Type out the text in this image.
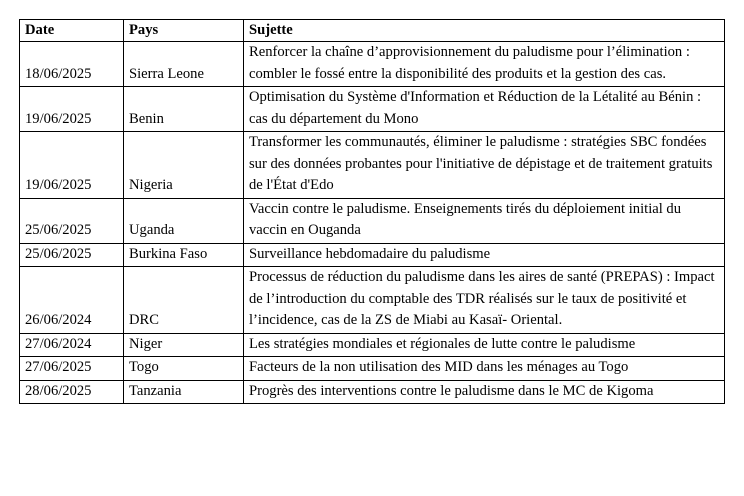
Date	Pays	Sujette
18/06/2025	Sierra Leone	Renforcer la chaîne d’approvisionnement du paludisme pour l’élimination : combler le fossé entre la disponibilité des produits et la gestion des cas.
19/06/2025	Benin	Optimisation du Système d'Information et Réduction de la Létalité au Bénin : cas du département du Mono
19/06/2025	Nigeria	Transformer les communautés, éliminer le paludisme : stratégies SBC fondées sur des données probantes pour l'initiative de dépistage et de traitement gratuits de l'État d'Edo
25/06/2025	Uganda	Vaccin contre le paludisme. Enseignements tirés du déploiement initial du vaccin en Ouganda
25/06/2025	Burkina Faso	Surveillance hebdomadaire du paludisme
26/06/2024	DRC	Processus de réduction du paludisme dans les aires de santé (PREPAS) : Impact de l’introduction du comptable des TDR réalisés sur le taux de positivité et l’incidence, cas de la ZS de Miabi au Kasaï- Oriental.
27/06/2024	Niger	Les stratégies mondiales et régionales de lutte contre le paludisme
27/06/2025	Togo	Facteurs de la non utilisation des MID dans les ménages au Togo
28/06/2025	Tanzania	Progrès des interventions contre le paludisme dans le MC de Kigoma
